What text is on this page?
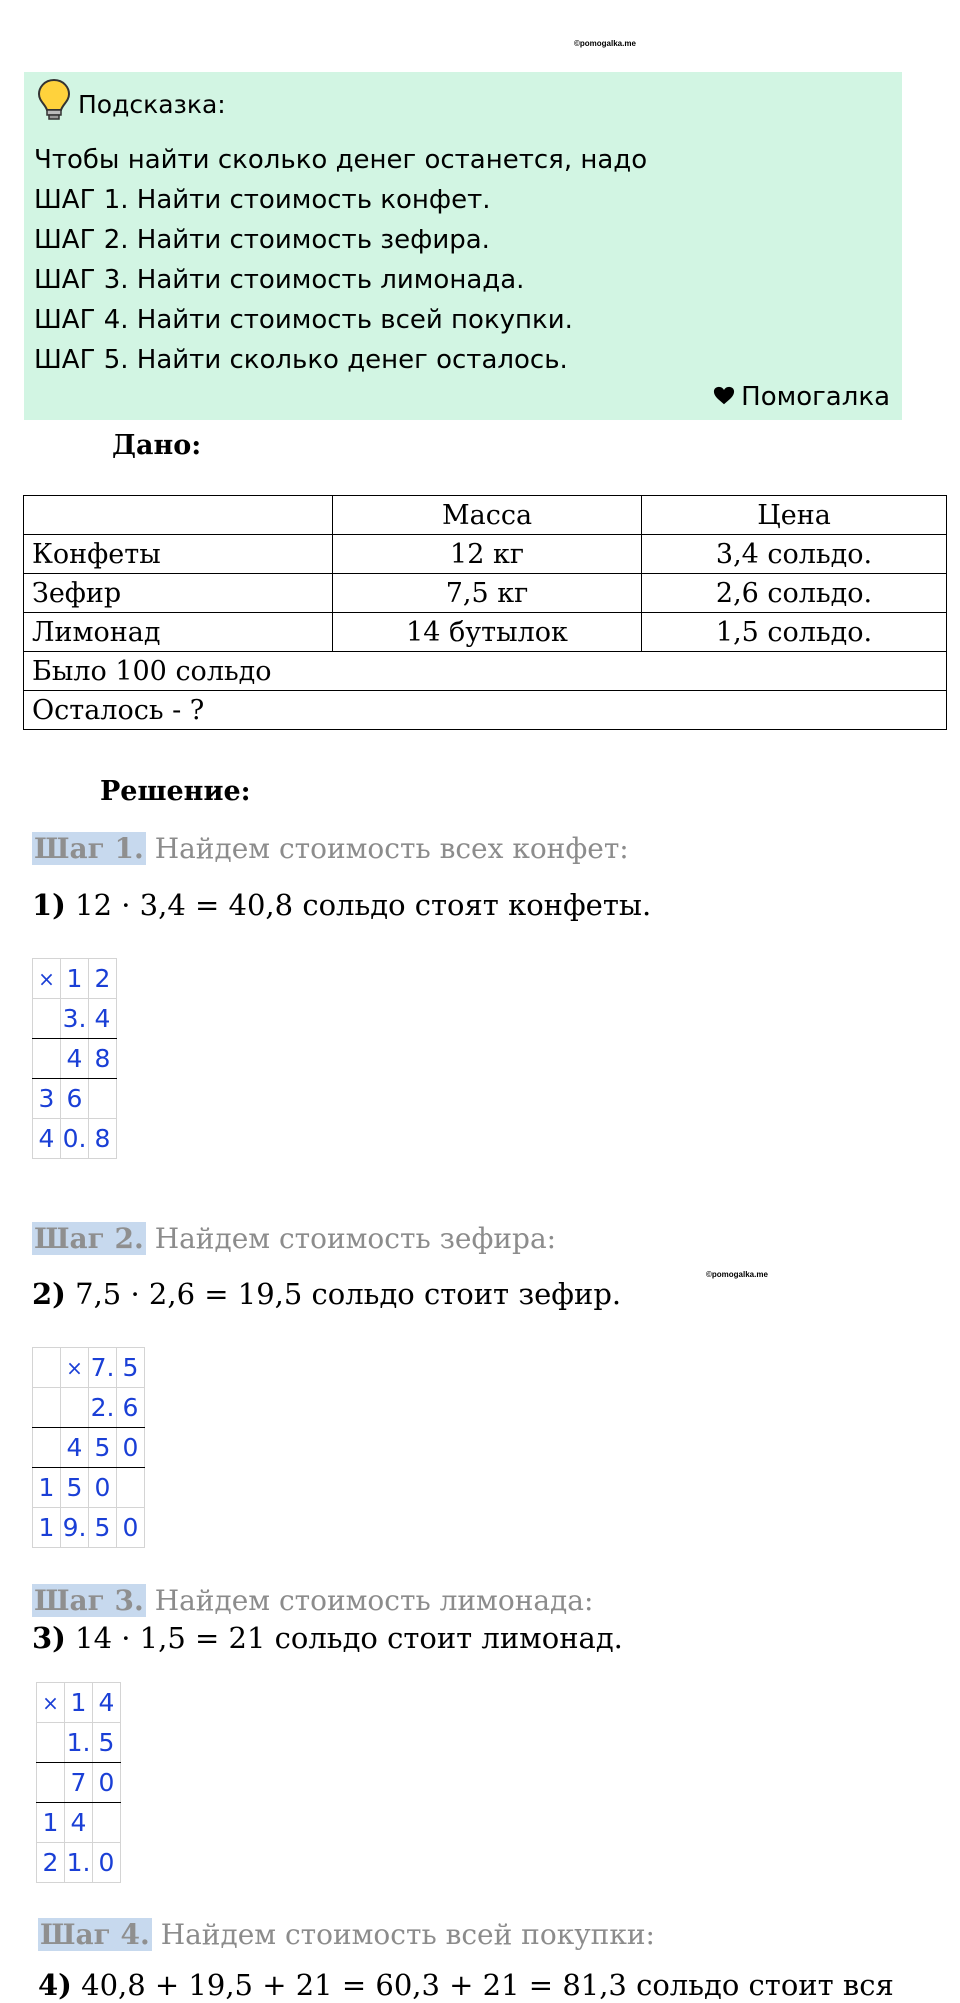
©pomogalka.me
Подсказка:
Чтобы найти сколько денег останется, надо
ШАГ 1. Найти стоимость конфет.
ШАГ 2. Найти стоимость зефира.
ШАГ 3. Найти стоимость лимонада.
ШАГ 4. Найти стоимость всей покупки.
ШАГ 5. Найти сколько денег осталось.
Помогалка
Дано:
	Масса	Цена
Конфеты	12 кг	3,4 сольдо.
Зефир	7,5 кг	2,6 сольдо.
Лимонад	14 бутылок	1,5 сольдо.
Было 100 сольдо		
Осталось - ?		
Решение:
Шаг 1. Найдем стоимость всех конфет:
1) 12 · 3,4 = 40,8 сольдо стоят конфеты.
×	1	2
	3.	4
	4	8
3	6	
4	0.	8
Шаг 2. Найдем стоимость зефира:
©pomogalka.me
2) 7,5 · 2,6 = 19,5 сольдо стоит зефир.
	×	7.	5
		2.	6
	4	5	0
1	5	0	
1	9.	5	0
Шаг 3. Найдем стоимость лимонада:
3) 14 · 1,5 = 21 сольдо стоит лимонад.
×	1	4
	1.	5
	7	0
1	4	
2	1.	0
Шаг 4. Найдем стоимость всей покупки:
4) 40,8 + 19,5 + 21 = 60,3 + 21 = 81,3 сольдо стоит вся
